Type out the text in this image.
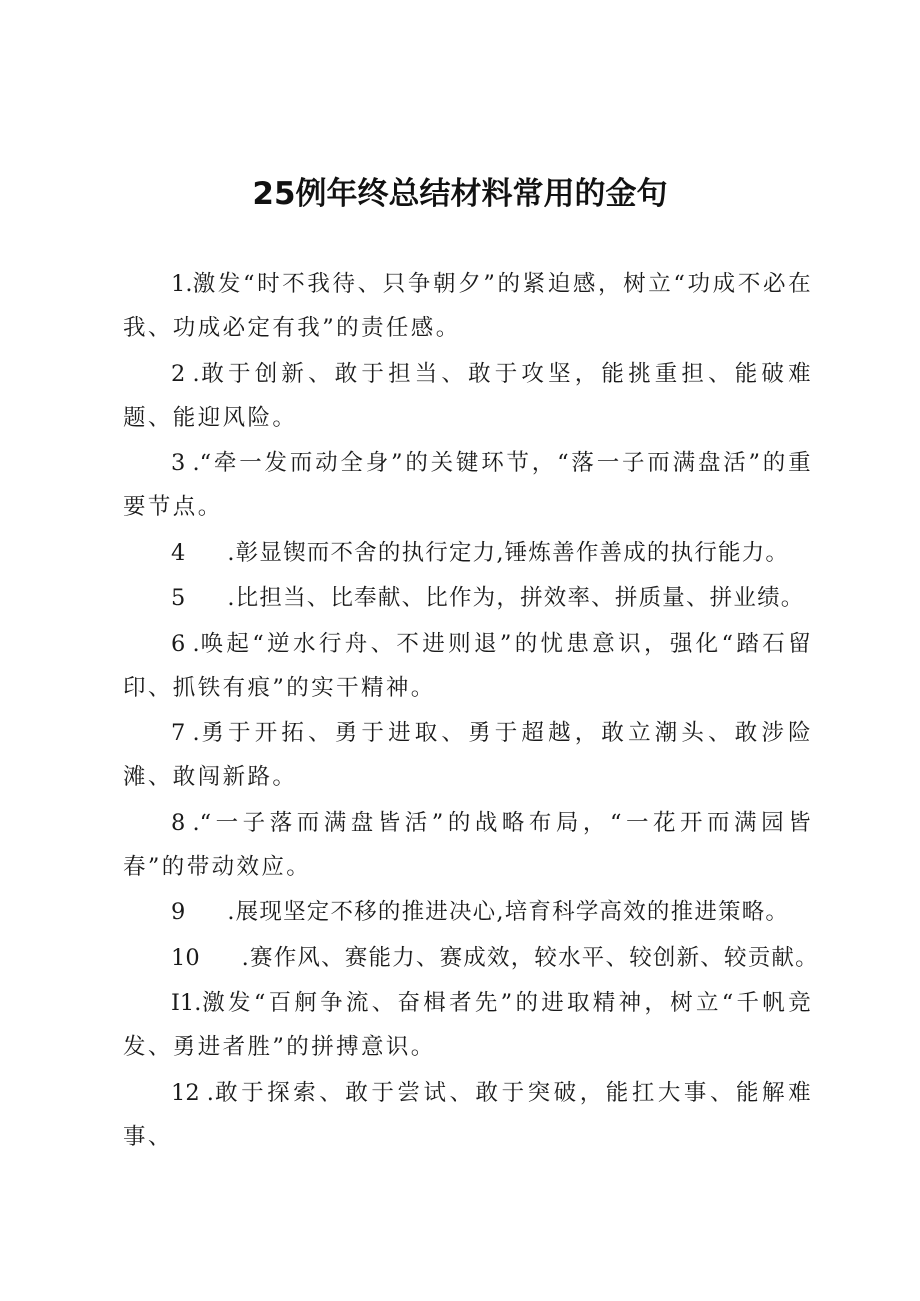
25例年终总结材料常用的金句

1.激发“时不我待、只争朝夕”的紧迫感，树立“功成不必在我、功成必定有我”的责任感。

2 .敢于创新、敢于担当、敢于攻坚，能挑重担、能破难题、能迎风险。

3 .“牵一发而动全身”的关键环节，“落一子而满盘活”的重要节点。

4 .彰显锲而不舍的执行定力,锤炼善作善成的执行能力。

5 .比担当、比奉献、比作为，拼效率、拼质量、拼业绩。

6 .唤起“逆水行舟、不进则退”的忧患意识，强化“踏石留印、抓铁有痕”的实干精神。

7 .勇于开拓、勇于进取、勇于超越，敢立潮头、敢涉险滩、敢闯新路。

8 .“一子落而满盘皆活”的战略布局，“一花开而满园皆春”的带动效应。

9 .展现坚定不移的推进决心,培育科学高效的推进策略。

10 .赛作风、赛能力、赛成效，较水平、较创新、较贡献。

I1.激发“百舸争流、奋楫者先”的进取精神，树立“千帆竞发、勇进者胜”的拼搏意识。

12 .敢于探索、敢于尝试、敢于突破，能扛大事、能解难事、
